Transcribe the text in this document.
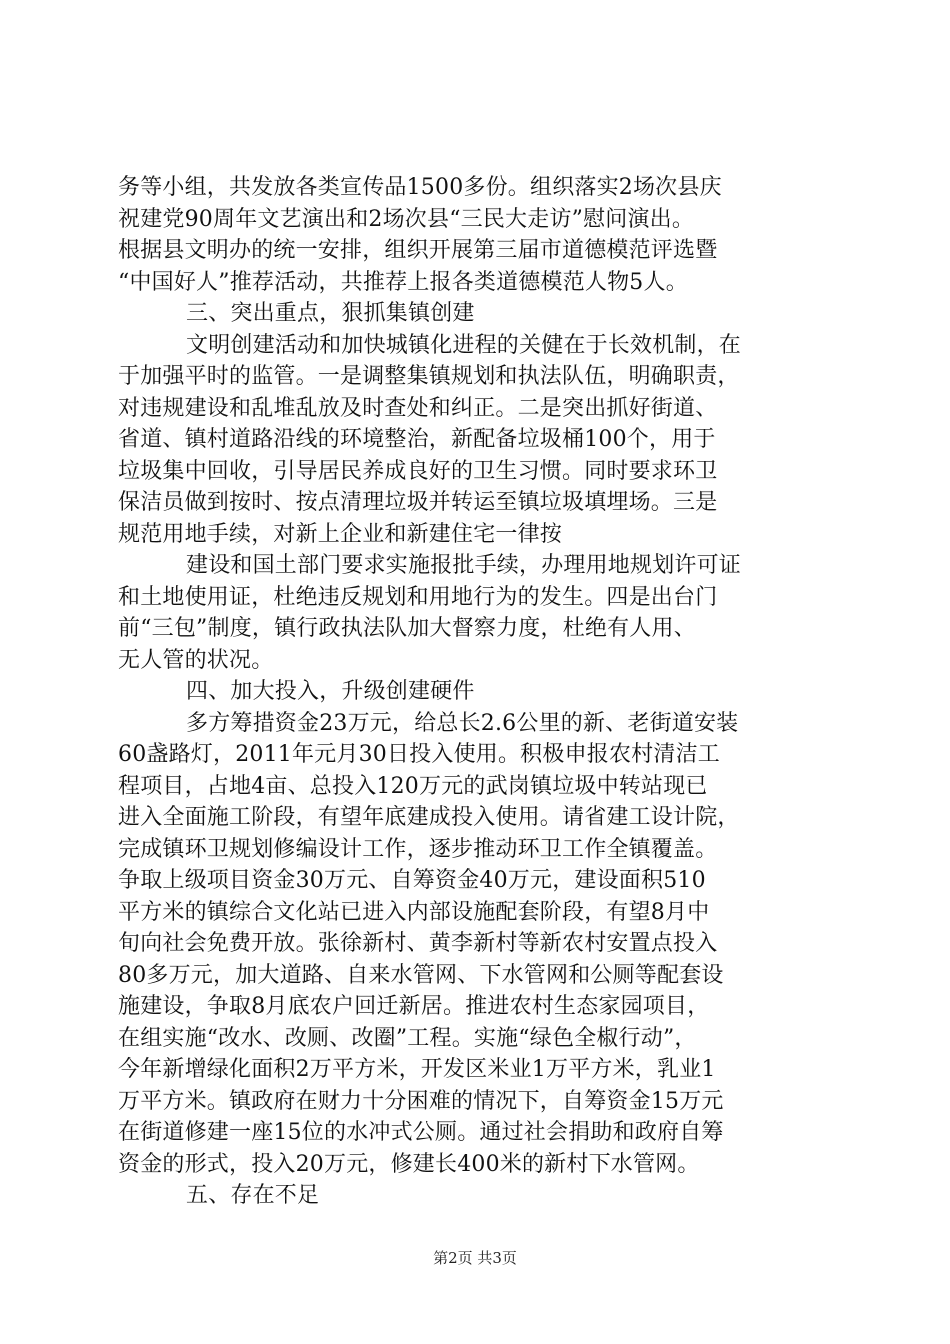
务等小组，共发放各类宣传品1500多份。组织落实2场次县庆
祝建党90周年文艺演出和2场次县“三民大走访”慰问演出。
根据县文明办的统一安排，组织开展第三届市道德模范评选暨
“中国好人”推荐活动，共推荐上报各类道德模范人物5人。
三、突出重点，狠抓集镇创建
文明创建活动和加快城镇化进程的关健在于长效机制，在
于加强平时的监管。一是调整集镇规划和执法队伍，明确职责，
对违规建设和乱堆乱放及时查处和纠正。二是突出抓好街道、
省道、镇村道路沿线的环境整治，新配备垃圾桶100个，用于
垃圾集中回收，引导居民养成良好的卫生习惯。同时要求环卫
保洁员做到按时、按点清理垃圾并转运至镇垃圾填埋场。三是
规范用地手续，对新上企业和新建住宅一律按
建设和国土部门要求实施报批手续，办理用地规划许可证
和土地使用证，杜绝违反规划和用地行为的发生。四是出台门
前“三包”制度，镇行政执法队加大督察力度，杜绝有人用、
无人管的状况。
四、加大投入，升级创建硬件
多方筹措资金23万元，给总长2.6公里的新、老街道安装
60盏路灯，2011年元月30日投入使用。积极申报农村清洁工
程项目，占地4亩、总投入120万元的武岗镇垃圾中转站现已
进入全面施工阶段，有望年底建成投入使用。请省建工设计院，
完成镇环卫规划修编设计工作，逐步推动环卫工作全镇覆盖。
争取上级项目资金30万元、自筹资金40万元，建设面积510
平方米的镇综合文化站已进入内部设施配套阶段，有望8月中
旬向社会免费开放。张徐新村、黄李新村等新农村安置点投入
80多万元，加大道路、自来水管网、下水管网和公厕等配套设
施建设，争取8月底农户回迁新居。推进农村生态家园项目，
在组实施“改水、改厕、改圈”工程。实施“绿色全椒行动”，
今年新增绿化面积2万平方米，开发区米业1万平方米，乳业1
万平方米。镇政府在财力十分困难的情况下，自筹资金15万元
在街道修建一座15位的水冲式公厕。通过社会捐助和政府自筹
资金的形式，投入20万元，修建长400米的新村下水管网。
五、存在不足
第2页 共3页
